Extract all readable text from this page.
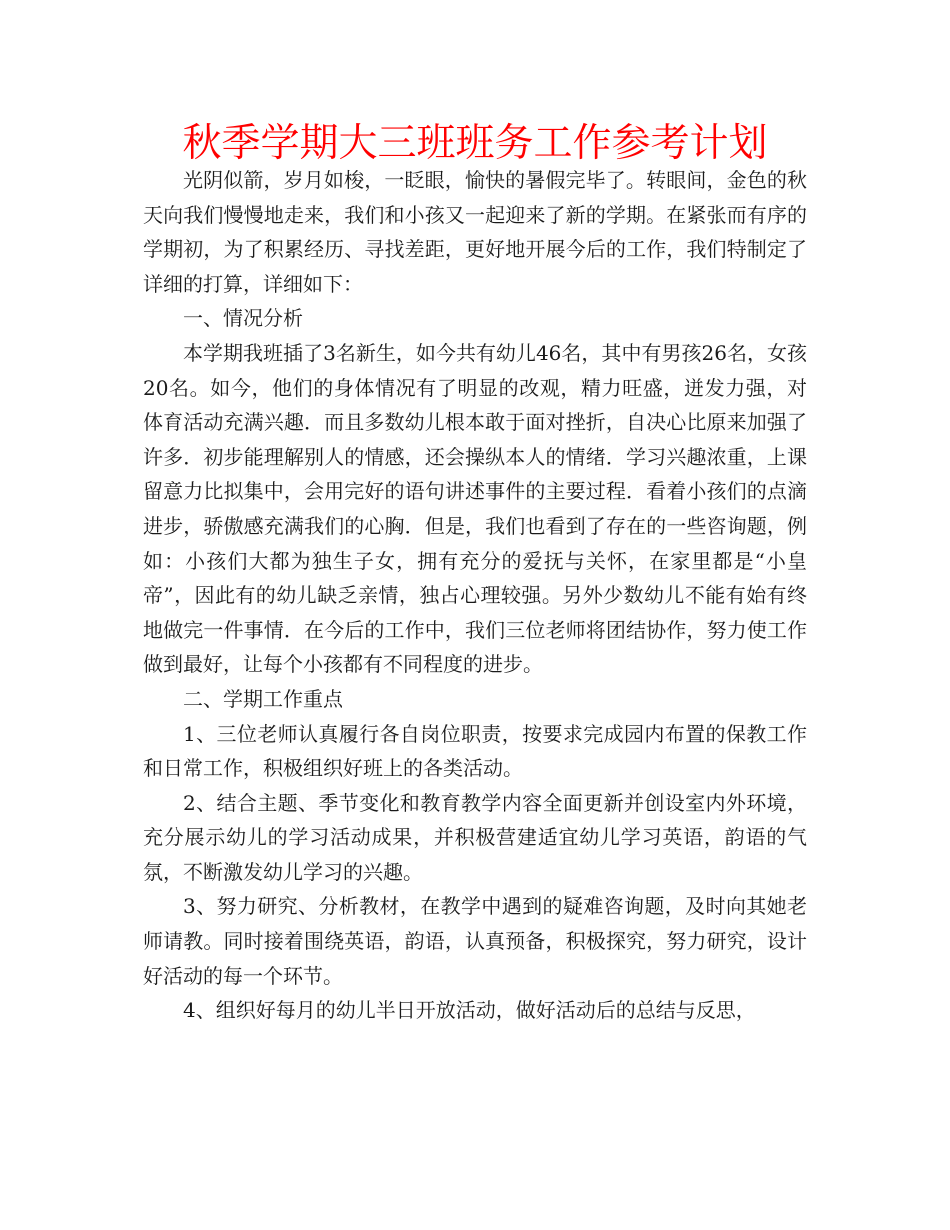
秋季学期大三班班务工作参考计划

光阴似箭，岁月如梭，一眨眼，愉快的暑假完毕了。转眼间，金色的秋天向我们慢慢地走来，我们和小孩又一起迎来了新的学期。在紧张而有序的学期初，为了积累经历、寻找差距，更好地开展今后的工作，我们特制定了详细的打算，详细如下：

一、情况分析

本学期我班插了3名新生，如今共有幼儿46名，其中有男孩26名，女孩20名。如今，他们的身体情况有了明显的改观，精力旺盛，迸发力强，对体育活动充满兴趣．而且多数幼儿根本敢于面对挫折，自决心比原来加强了许多．初步能理解别人的情感，还会操纵本人的情绪．学习兴趣浓重，上课留意力比拟集中，会用完好的语句讲述事件的主要过程．看着小孩们的点滴进步，骄傲感充满我们的心胸．但是，我们也看到了存在的一些咨询题，例如：小孩们大都为独生子女，拥有充分的爱抚与关怀，在家里都是“小皇帝”，因此有的幼儿缺乏亲情，独占心理较强。另外少数幼儿不能有始有终地做完一件事情．在今后的工作中，我们三位老师将团结协作，努力使工作做到最好，让每个小孩都有不同程度的进步。

二、学期工作重点

1、三位老师认真履行各自岗位职责，按要求完成园内布置的保教工作和日常工作，积极组织好班上的各类活动。

2、结合主题、季节变化和教育教学内容全面更新并创设室内外环境，充分展示幼儿的学习活动成果，并积极营建适宜幼儿学习英语，韵语的气氛，不断激发幼儿学习的兴趣。

3、努力研究、分析教材，在教学中遇到的疑难咨询题，及时向其她老师请教。同时接着围绕英语，韵语，认真预备，积极探究，努力研究，设计好活动的每一个环节。

4、组织好每月的幼儿半日开放活动，做好活动后的总结与反思，
